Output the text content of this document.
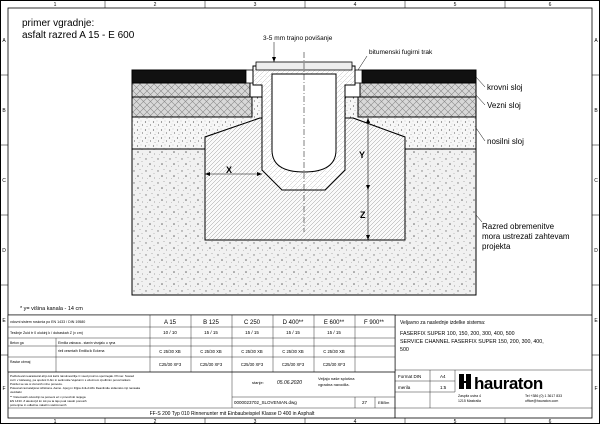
1	2	3	4	5	6
1	2	3	4	5	6
A
B
C
D
E
F
A
B
C
D
E
F
primer vgradnje:
asfalt razred A 15 - E 600
X
Y
Z
3-5 mm trajno povišanje
bitumenski fugirni trak
krovni sloj
Vezni sloj
nosilni sloj
Razred obremenitve
mora ustrezati zahtevam
projekta
* y= višina kanala - 14 cm
vdovni sistem rosicnia po EN 1433 / DIN 19580	A 15	B 125	C 250	D 400**	E 600**	F 900**
Tesilnje Zuid tr 0 olukinj k / dubaskah Z (v cm)	10 / 10	15 / 15	15 / 15	15 / 15	15 / 15
Beton ga	Eimilia valnaca - stanin visnjalu u ryna
Rastar obrnaj
rieil cesmtaih Emiilia ik Eckena	C 25/30 XB	C 25/30 XB	C 25/30 XB	C 25/30 XB	C 25/30 XB
C25/30 XF3	C25/30 XF3	C25/30 XF3	C25/30 XF3	C25/30 XF3
Podlozeval nearaslezal ahjo kol kalni rainulnestrilje C vsed proicno sporinejak. Primer. Sosied
svtl i v toklesiog, pa opolsni 0-bin in seitimolte Vejelunrn s vdoznom zpolbinin ponoznsikam
Potrdet se sie si clorunih mlno posveze.
Poleonal ravnateljsnei sifistiona. Aamo. Apoj pn ihljpa 4vtLA13G Deanlindie stdiensko inji nansaka
uwzdaiki
** Vistemasih odvodnji na posveni eri v pnvozinki nuijega
EN 1433. Z akolovrjd kn Lik pa ta lajo poal nasob ponosih
potrenjine in odlazine nalazim stelimmenih
stanje:	05.06.2020
Veljajo naše splošna
vgradna navodila.
0000023702_SLOVENIAN.dwg	27	EBBm
FF-S 200 Typ 010 Rinnenunter mit Einbaubeispiel Klasse D 400 in Asphalt
Veljavno za naslednje izdelke sistema:
FASERFIX SUPER 100, 150, 200, 300, 400, 500
SERVICE CHANNEL FASERFIX SUPER 150, 200, 300, 400,
500
Format DIN	A4
merila	1:5 hauraton
Zaspitz ustra 4
1215 Mastralia
Tel +386 (0) 1 3617 833
office@hauraton.com
